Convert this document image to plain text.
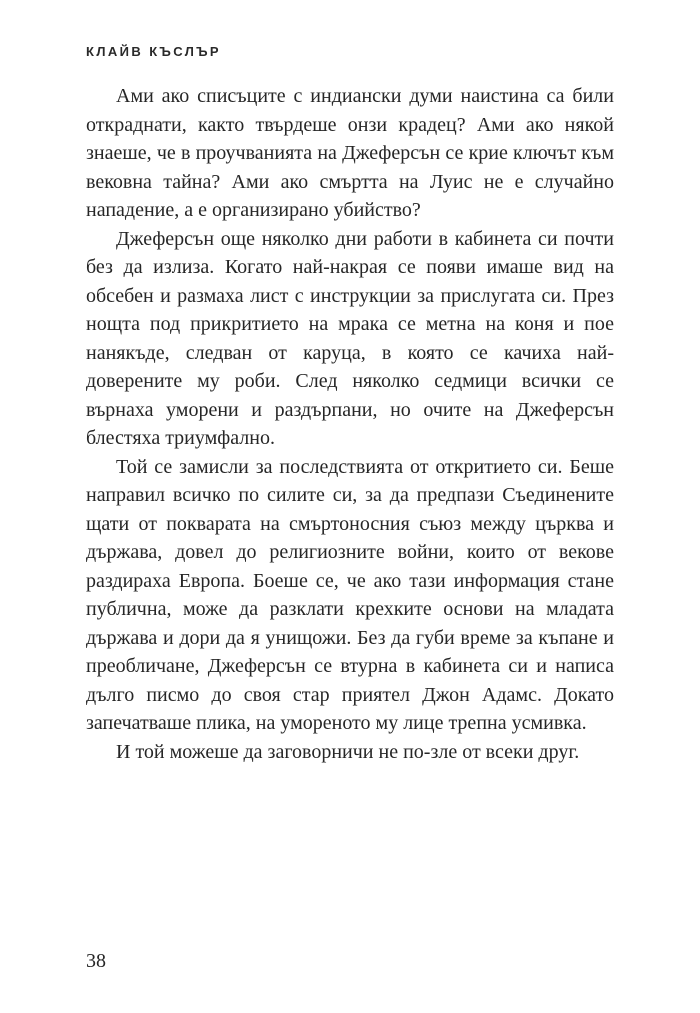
КЛАЙВ КЪСЛЪР

Ами ако списъците с индиански думи наистина са били откраднати, както твърдеше онзи крадец? Ами ако някой знаеше, че в проучванията на Джеферсън се крие ключът към вековна тайна? Ами ако смъртта на Луис не е случайно нападение, а е организирано убийство?

Джеферсън още няколко дни работи в кабинета си почти без да излиза. Когато най-накрая се появи имаше вид на обсебен и размаха лист с инструкции за прислугата си. През нощта под прикритието на мрака се метна на коня и пое нанякъде, следван от каруца, в която се качиха най-доверените му роби. След няколко седмици всички се върнаха уморени и раздърпани, но очите на Джеферсън блестяха триумфално.

Той се замисли за последствията от откритието си. Беше направил всичко по силите си, за да предпази Съединените щати от покварата на смъртоносния съюз между църква и държава, довел до религиозните войни, които от векове раздираха Европа. Боеше се, че ако тази информация стане публична, може да разклати крехките основи на младата държава и дори да я унищожи. Без да губи време за къпане и преобличaне, Джеферсън се втурна в кабинета си и написа дълго писмо до своя стар приятел Джон Адамс. Докато запечатваше плика, на уморeното му лице трепна усмивка.

И той можеше да заговорничи не по-зле от всеки друг.

38
